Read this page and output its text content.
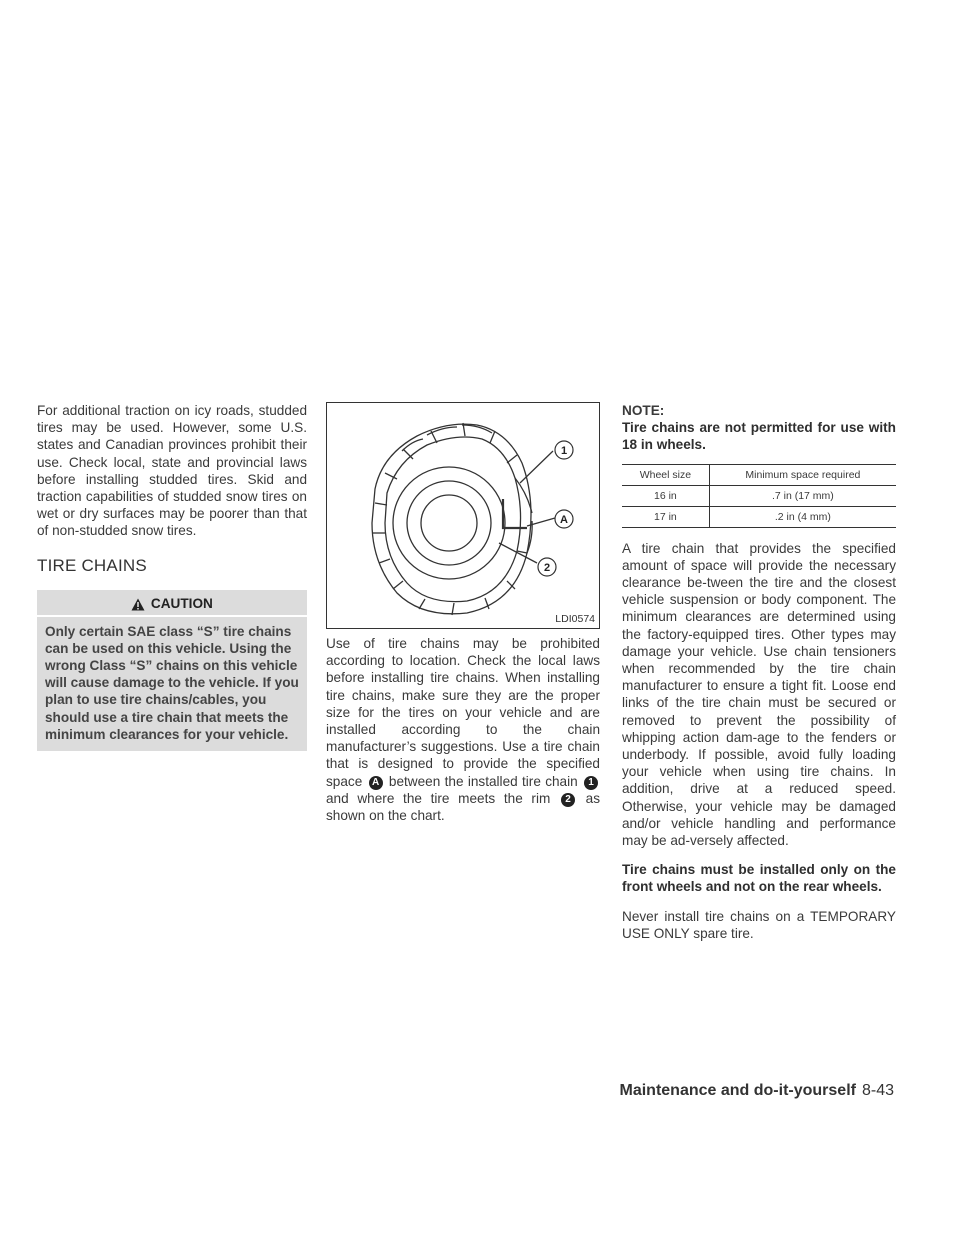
For additional traction on icy roads, studded tires may be used. However, some U.S. states and Canadian provinces prohibit their use. Check local, state and provincial laws before installing studded tires. Skid and traction capabilities of studded snow tires on wet or dry surfaces may be poorer than that of non-studded snow tires.

TIRE CHAINS
CAUTION
Only certain SAE class “S” tire chains can be used on this vehicle. Using the wrong Class “S” chains on this vehicle will cause damage to the vehicle. If you plan to use tire chains/cables, you should use a tire chain that meets the minimum clearances for your vehicle.
1
A
2
LDI0574

Use of tire chains may be prohibited according to location. Check the local laws before installing tire chains. When installing tire chains, make sure they are the proper size for the tires on your vehicle and are installed according to the chain manufacturer’s suggestions. Use a tire chain that is designed to provide the specified space A between the installed tire chain 1 and where the tire meets the rim 2 as shown on the chart.

NOTE:

Tire chains are not permitted for use with 18 in wheels.

Wheel size	Minimum space required
16 in	.7 in (17 mm)
17 in	.2 in (4 mm)

A tire chain that provides the specified amount of space will provide the necessary clearance be-tween the tire and the closest vehicle suspension or body component. The minimum clearances are determined using the factory-equipped tires. Other types may damage your vehicle. Use chain tensioners when recommended by the tire chain manufacturer to ensure a tight fit. Loose end links of the tire chain must be secured or removed to prevent the possibility of whipping action dam-age to the fenders or underbody. If possible, avoid fully loading your vehicle when using tire chains. In addition, drive at a reduced speed. Otherwise, your vehicle may be damaged and/or vehicle handling and performance may be ad-versely affected.

Tire chains must be installed only on the front wheels and not on the rear wheels.

Never install tire chains on a TEMPORARY USE ONLY spare tire.

Maintenance and do-it-yourself 8-43
